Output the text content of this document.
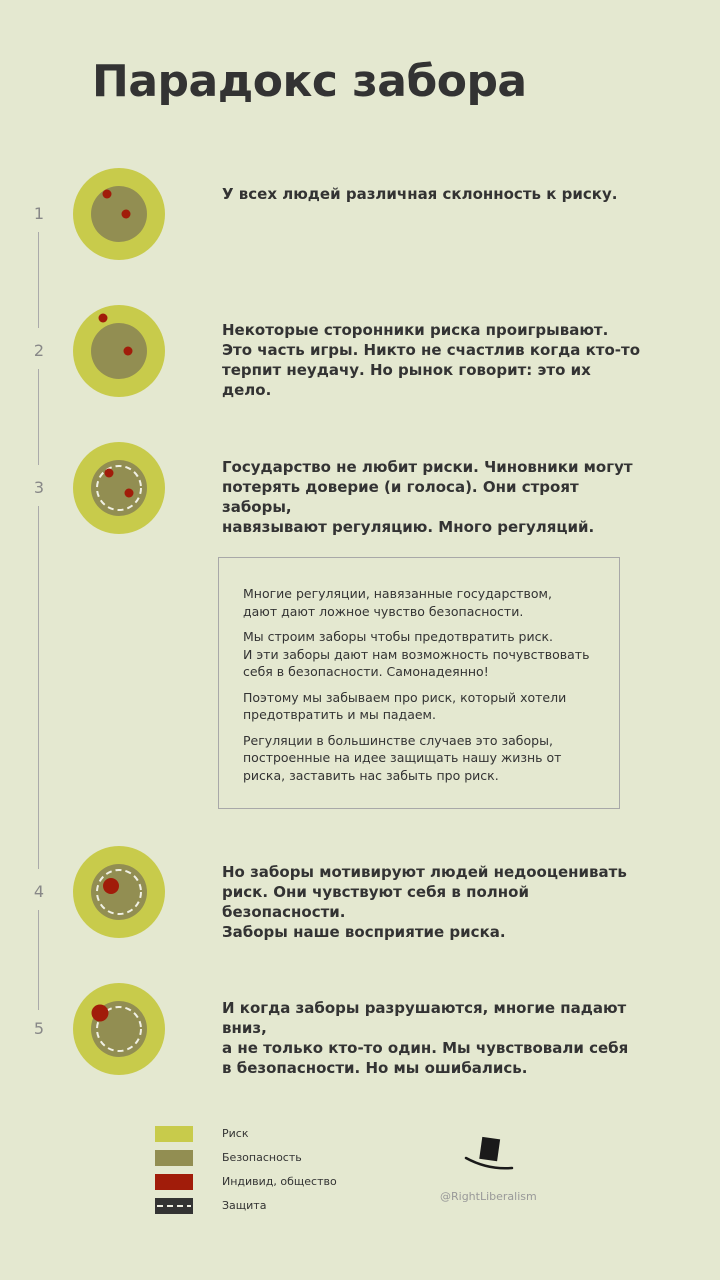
Парадокс забора
1

У всех людей различная склонность к риску.

2

Некоторые сторонники риска проигрывают.
Это часть игры. Никто не счастлив когда кто-то
терпит неудачу. Но рынок говорит: это их дело.

3

Государство не любит риски. Чиновники могут
потерять доверие (и голоса). Они строят заборы,
навязывают регуляцию. Много регуляций.

Многие регуляции, навязанные государством,
дают дают ложное чувство безопасности.

Мы строим заборы чтобы предотвратить риск.
И эти заборы дают нам возможность почувствовать
себя в безопасности. Самонадеянно!

Поэтому мы забываем про риск, который хотели
предотвратить и мы падаем.

Регуляции в большинстве случаев это заборы,
построенные на идее защищать нашу жизнь от
риска, заставить нас забыть про риск.

4

Но заборы мотивируют людей недооценивать
риск. Они чувствуют себя в полной безопасности.
Заборы наше восприятие риска.

5

И когда заборы разрушаются, многие падают вниз,
а не только кто-то один. Мы чувствовали себя
в безопасности. Но мы ошибались.

Риск
Безопасность
Индивид, общество
Защита

@RightLiberalism
